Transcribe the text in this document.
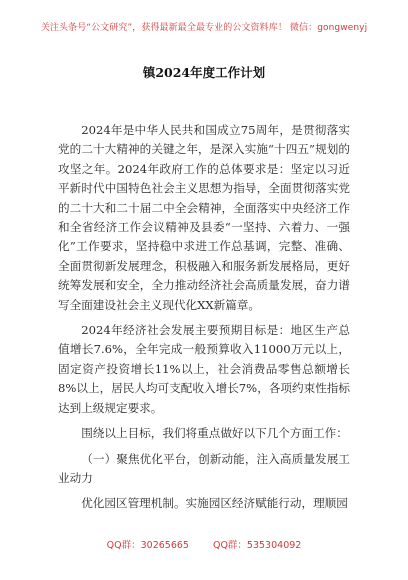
关注头条号“公文研究”，获得最新最全最专业的公文资料库！ 微信：gongwenyj
镇2024年度工作计划

2024年是中华人民共和国成立75周年，是贯彻落实党的二十大精神的关键之年，是深入实施“十四五”规划的攻坚之年。2024年政府工作的总体要求是：坚定以习近平新时代中国特色社会主义思想为指导，全面贯彻落实党的二十大和二十届二中全会精神，全面落实中央经济工作和全省经济工作会议精神及县委“一坚持、六着力、一强化”工作要求，坚持稳中求进工作总基调，完整、准确、全面贯彻新发展理念，积极融入和服务新发展格局，更好统筹发展和安全，全力推动经济社会高质量发展，奋力谱写全面建设社会主义现代化XX新篇章。

2024年经济社会发展主要预期目标是：地区生产总值增长7.6%，全年完成一般预算收入11000万元以上，固定资产投资增长11%以上，社会消费品零售总额增长8%以上，居民人均可支配收入增长7%，各项约束性指标达到上级规定要求。

围绕以上目标，我们将重点做好以下几个方面工作：

（一）聚焦优化平台，创新动能，注入高质量发展工业动力

优化园区管理机制。实施园区经济赋能行动，理顺园

QQ群：30265665	QQ群：535304092
